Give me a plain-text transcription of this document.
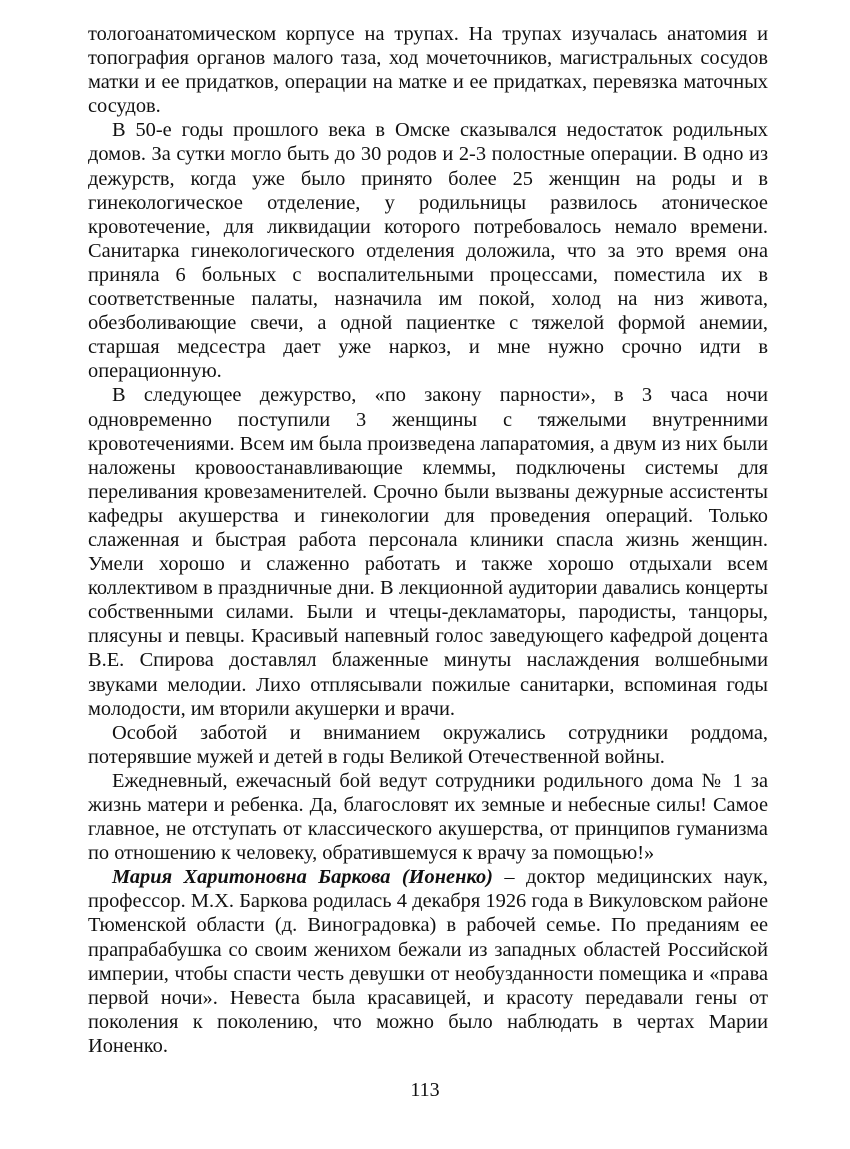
тологоанатомическом корпусе на трупах. На трупах изучалась анатомия и топография органов малого таза, ход мочеточников, магистральных сосудов матки и ее придатков, операции на матке и ее придатках, перевязка маточных сосудов.

В 50-е годы прошлого века в Омске сказывался недостаток родильных домов. За сутки могло быть до 30 родов и 2-3 полостные операции. В одно из дежурств, когда уже было принято более 25 женщин на роды и в гинекологическое отделение, у родильницы развилось атоническое кровотечение, для ликвидации которого потребовалось немало времени. Санитарка гинекологического отделения доложила, что за это время она приняла 6 больных с воспалительными процессами, поместила их в соответственные палаты, назначила им покой, холод на низ живота, обезболивающие свечи, а одной пациентке с тяжелой формой анемии, старшая медсестра дает уже наркоз, и мне нужно срочно идти в операционную.

В следующее дежурство, «по закону парности», в 3 часа ночи одновременно поступили 3 женщины с тяжелыми внутренними кровотечениями. Всем им была произведена лапаратомия, а двум из них были наложены кровоостанавливающие клеммы, подключены системы для переливания кровезаменителей. Срочно были вызваны дежурные ассистенты кафедры акушерства и гинекологии для проведения операций. Только слаженная и быстрая работа персонала клиники спасла жизнь женщин. Умели хорошо и слаженно работать и также хорошо отдыхали всем коллективом в праздничные дни. В лекционной аудитории давались концерты собственными силами. Были и чтецы-декламаторы, пародисты, танцоры, плясуны и певцы. Красивый напевный голос заведующего кафедрой доцента В.Е. Спирова доставлял блаженные минуты наслаждения волшебными звуками мелодии. Лихо отплясывали пожилые санитарки, вспоминая годы молодости, им вторили акушерки и врачи.

Особой заботой и вниманием окружались сотрудники роддома, потерявшие мужей и детей в годы Великой Отечественной войны.

Ежедневный, ежечасный бой ведут сотрудники родильного дома № 1 за жизнь матери и ребенка. Да, благословят их земные и небесные силы! Самое главное, не отступать от классического акушерства, от принципов гуманизма по отношению к человеку, обратившемуся к врачу за помощью!»

Мария Харитоновна Баркова (Ионенко) – доктор медицинских наук, профессор. М.Х. Баркова родилась 4 декабря 1926 года в Викуловском районе Тюменской области (д. Виноградовка) в рабочей семье. По преданиям ее прапрабабушка со своим женихом бежали из западных областей Российской империи, чтобы спасти честь девушки от необузданности помещика и «права первой ночи». Невеста была красавицей, и красоту передавали гены от поколения к поколению, что можно было наблюдать в чертах Марии Ионенко.

113
